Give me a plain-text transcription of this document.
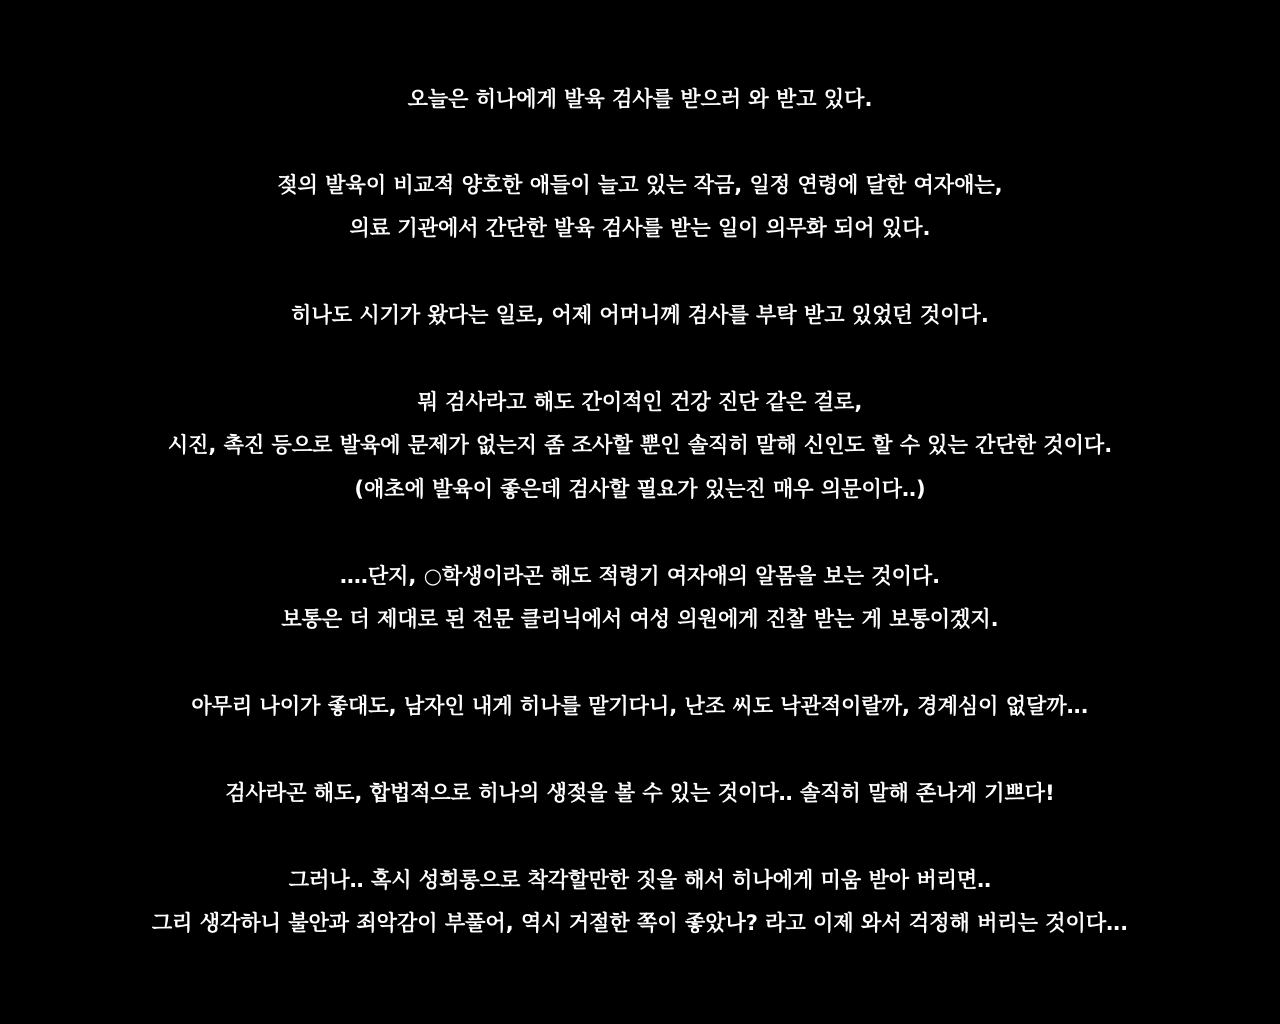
오늘은 히나에게 발육 검사를 받으러 와 받고 있다.
젖의 발육이 비교적 양호한 애들이 늘고 있는 작금, 일정 연령에 달한 여자애는,
의료 기관에서 간단한 발육 검사를 받는 일이 의무화 되어 있다.
히나도 시기가 왔다는 일로, 어제 어머니께 검사를 부탁 받고 있었던 것이다.
뭐 검사라고 해도 간이적인 건강 진단 같은 걸로,
시진, 촉진 등으로 발육에 문제가 없는지 좀 조사할 뿐인 솔직히 말해 신인도 할 수 있는 간단한 것이다.
(애초에 발육이 좋은데 검사할 필요가 있는진 매우 의문이다‥)
‥‥단지, ○학생이라곤 해도 적령기 여자애의 알몸을 보는 것이다.
보통은 더 제대로 된 전문 클리닉에서 여성 의원에게 진찰 받는 게 보통이겠지.
아무리 나이가 좋대도, 남자인 내게 히나를 맡기다니, 난조 씨도 낙관적이랄까, 경계심이 없달까‥.
검사라곤 해도, 합법적으로 히나의 생젖을 볼 수 있는 것이다‥ 솔직히 말해 존나게 기쁘다!
그러나‥ 혹시 성희롱으로 착각할만한 짓을 해서 히나에게 미움 받아 버리면‥
그리 생각하니 불안과 죄악감이 부풀어, 역시 거절한 쪽이 좋았나? 라고 이제 와서 걱정해 버리는 것이다‥.
